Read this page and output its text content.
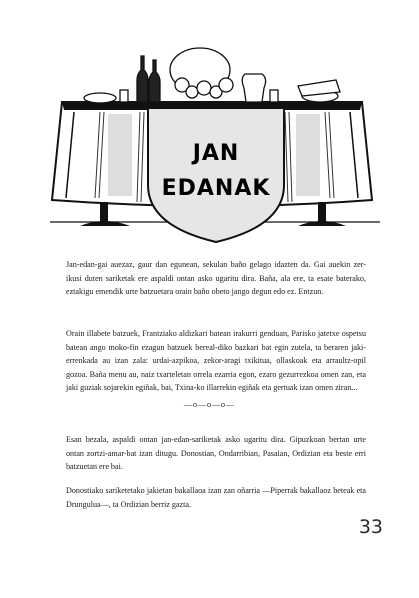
JAN
EDANAK

Jan-edan-gai auezaz, gaur dan egunean, sekulan baño gelago idazten da. Gai auekin zer-ikusi duten sariketak ere aspaldi ontan asko ugaritu dira. Baña, ala ere, ta esate baterako, eztakigu emendik urte batzuetara orain baño obeto jango degun edo ez. Entzun.

Orain illabete batzuek, Frantziako aldizkari batean irakurri genduan, Parisko jatetxe ospetsu batean ango moko-fin ezagun batzuek bereal-diko bazkari bat egin zutela, ta beraren jaki-errenkada au izan zala: urdai-azpikoa, zekor-aragi txikitua, ollaskoak eta arraultz-opil gozoa. Baña menu au, naiz txarteletan orrela ezarria egon, ezaro gezurrezkoa omen zan, eta jaki guziak sojarekin egiñak, bai, Txina-ko illarrekin egiñak eta gertuak izan omen ziran...

—o—o—o—

Esan bezala, aspaldi ontan jan-edan-sariketak asko ugaritu dira. Gipuzkoan bertan urte ontan zortzi-amar-bat izan ditugu. Donostian, Ondarribian, Pasaian, Ordizian eta beste erri batzuetan ere bai.

Donostiako sariketetako jakietan bakallaoa izan zan oñarria —Piperrak bakallaoz beteak eta Drungulua—, ta Ordizian berriz gazta.

33
